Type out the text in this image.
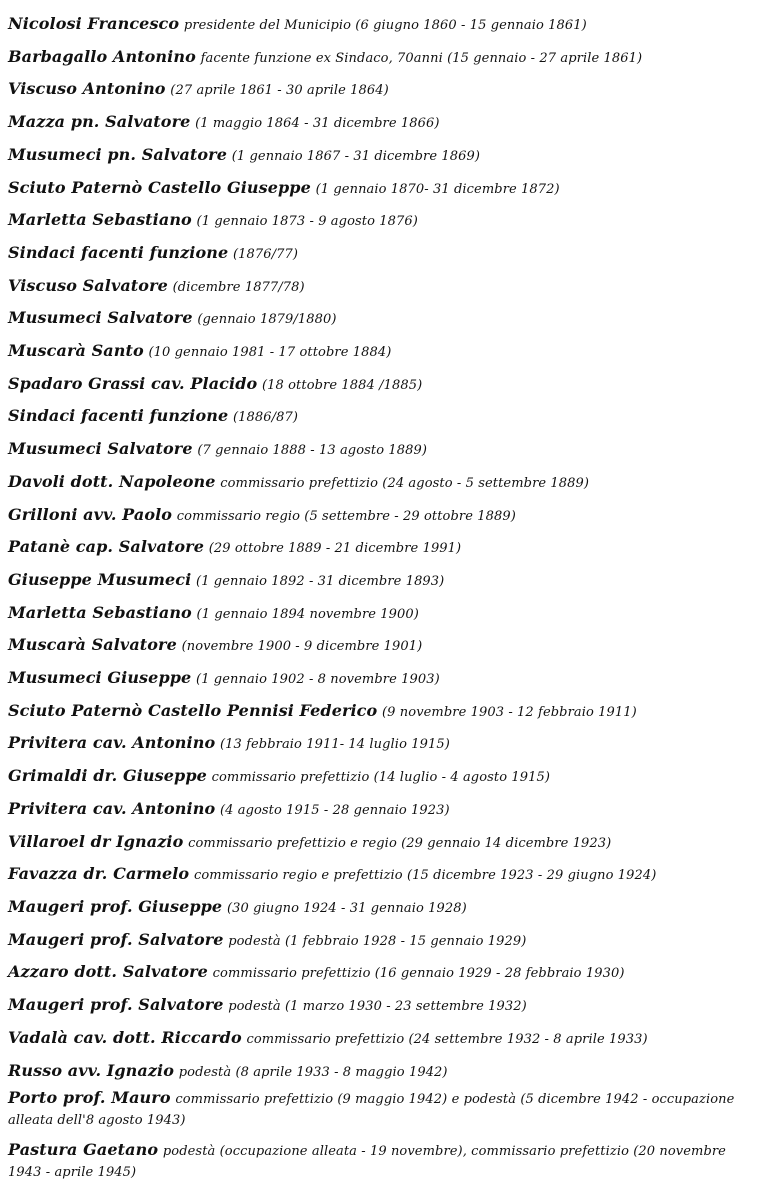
Nicolosi Francesco presidente del Municipio (6 giugno 1860 - 15 gennaio 1861)
Barbagallo Antonino facente funzione ex Sindaco, 70anni (15 gennaio - 27 aprile 1861)
Viscuso Antonino (27 aprile 1861 - 30 aprile 1864)
Mazza pn. Salvatore (1 maggio 1864 - 31 dicembre 1866)
Musumeci pn. Salvatore (1 gennaio 1867 - 31 dicembre 1869)
Sciuto Paternò Castello Giuseppe (1 gennaio 1870- 31 dicembre 1872)
Marletta Sebastiano (1 gennaio 1873 - 9 agosto 1876)
Sindaci facenti funzione (1876/77)
Viscuso Salvatore (dicembre 1877/78)
Musumeci Salvatore (gennaio 1879/1880)
Muscarà Santo (10 gennaio 1981 - 17 ottobre 1884)
Spadaro Grassi cav. Placido (18 ottobre 1884 /1885)
Sindaci facenti funzione (1886/87)
Musumeci Salvatore (7 gennaio 1888 - 13 agosto 1889)
Davoli dott. Napoleone commissario prefettizio (24 agosto - 5 settembre 1889)
Grilloni avv. Paolo commissario regio (5 settembre - 29 ottobre 1889)
Patanè cap. Salvatore (29 ottobre 1889 - 21 dicembre 1991)
Giuseppe Musumeci (1 gennaio 1892 - 31 dicembre 1893)
Marletta Sebastiano (1 gennaio 1894 novembre 1900)
Muscarà Salvatore (novembre 1900 - 9 dicembre 1901)
Musumeci Giuseppe (1 gennaio 1902 - 8 novembre 1903)
Sciuto Paternò Castello Pennisi Federico (9 novembre 1903 - 12 febbraio 1911)
Privitera cav. Antonino (13 febbraio 1911- 14 luglio 1915)
Grimaldi dr. Giuseppe commissario prefettizio (14 luglio - 4 agosto 1915)
Privitera cav. Antonino (4 agosto 1915 - 28 gennaio 1923)
Villaroel dr Ignazio commissario prefettizio e regio (29 gennaio 14 dicembre 1923)
Favazza dr. Carmelo commissario regio e prefettizio (15 dicembre 1923 - 29 giugno 1924)
Maugeri prof. Giuseppe (30 giugno 1924 - 31 gennaio 1928)
Maugeri prof. Salvatore podestà (1 febbraio 1928 - 15 gennaio 1929)
Azzaro dott. Salvatore commissario prefettizio (16 gennaio 1929 - 28 febbraio 1930)
Maugeri prof. Salvatore podestà (1 marzo 1930 - 23 settembre 1932)
Vadalà cav. dott. Riccardo commissario prefettizio (24 settembre 1932 - 8 aprile 1933)
Russo avv. Ignazio podestà (8 aprile 1933 - 8 maggio 1942)
Porto prof. Mauro commissario prefettizio (9 maggio 1942) e podestà (5 dicembre 1942 - occupazione alleata dell'8 agosto 1943)
Pastura Gaetano podestà (occupazione alleata - 19 novembre), commissario prefettizio (20 novembre 1943 - aprile 1945)
